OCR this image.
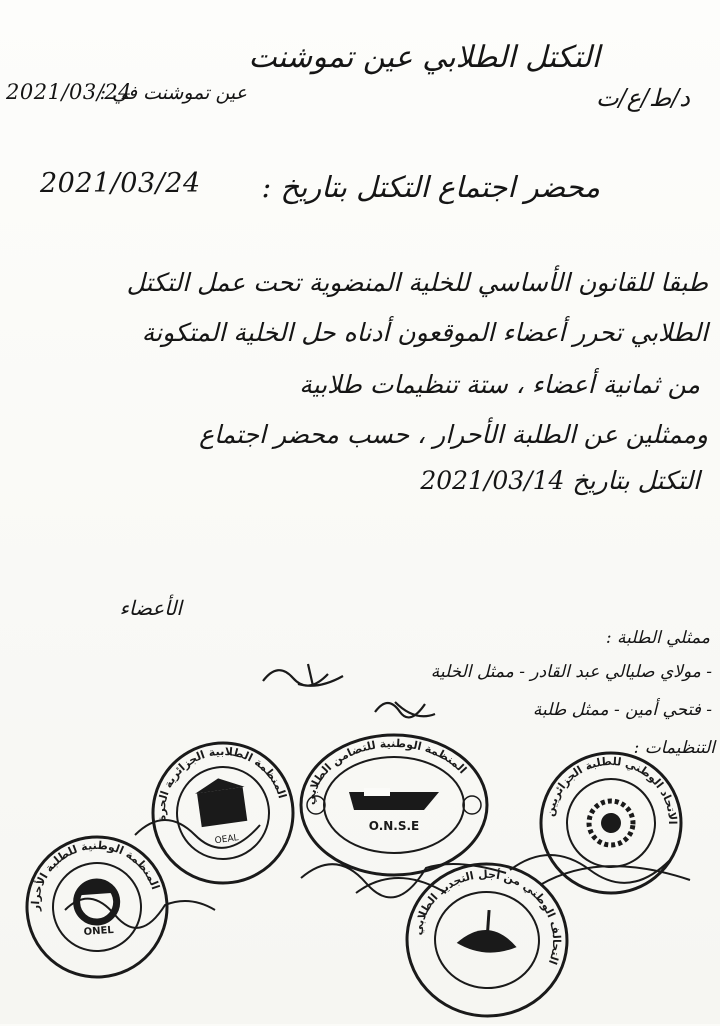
التكتل الطلابي عين تموشنت
عين تموشنت في :
2021/03/24	د/ط/ع/ت
محضر اجتماع التكتل بتاريخ :
2021/03/24
طبقا للقانون الأساسي للخلية المنضوية تحت عمل التكتل
الطلابي تحرر أعضاء الموقعون أدناه حل الخلية المتكونة
من ثمانية أعضاء ، ستة تنظيمات طلابية
وممثلين عن الطلبة الأحرار ، حسب محضر اجتماع
التكتل بتاريخ 2021/03/14
الأعضاء
ممثلي الطلبة :
- مولاي صليالي عبد القادر - ممثل الخلية
- فتحي أمين - ممثل طلبة
التنظيمات :
المنظمة الطلابية الجزائرية الحرة
OEAL
المنظمة الوطنية للتضامن الطلابي
O.N.S.E
الاتحاد الوطني للطلبة الجزائريين
المنظمة الوطنية للطلبة الأحرار
ONEL	التحالف الوطني من أجل التجديد الطلابي
